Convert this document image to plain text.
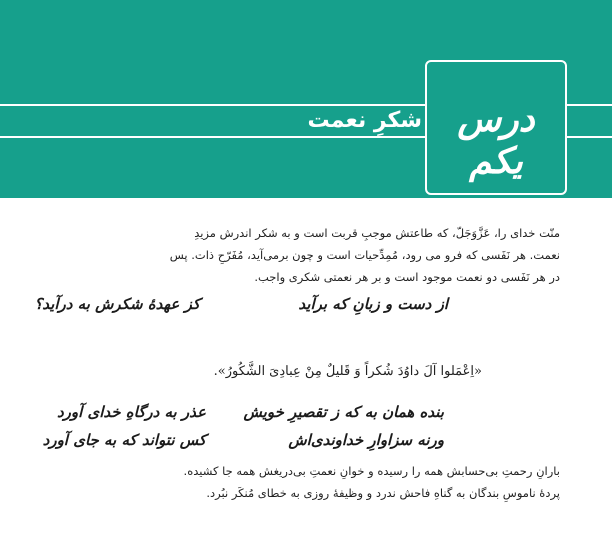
درس یکم
شکرِ نعمت
منّت خدای را، عَزَّوَجَلّ، که طاعتش موجبِ قربت است و به شکر اندرش مزیدِ
نعمت. هر نَفَسی که فرو می رود، مُمِدِّحیات است و چون برمی‌آید، مُفَرّحِ ذات. پس
در هر نَفَسی دو نعمت موجود است و بر هر نعمتی شکری واجب.
از دست و زبانِ که برآید
کز عهدهٔ شکرش به درآید؟
«اِعْمَلوا آلَ داوُدَ شُکراً وَ قَلیلٌ مِنْ عِبادِیَ الشَّکُورُ».
بنده همان به که ز تقصیرِ خویش
عذر به درگاهِ خدای آورد
ورنه سزاوارِ خداوندی‌اش
کس نتواند که به جای آورد
بارانِ رحمتِ بی‌حسابش همه را رسیده و خوانِ نعمتِ بی‌دریغش همه جا کشیده.
پردهٔ ناموسِ بندگان به گناهِ فاحش ندرد و وظیفهٔ روزی به خطای مُنکَر نبُرد.
